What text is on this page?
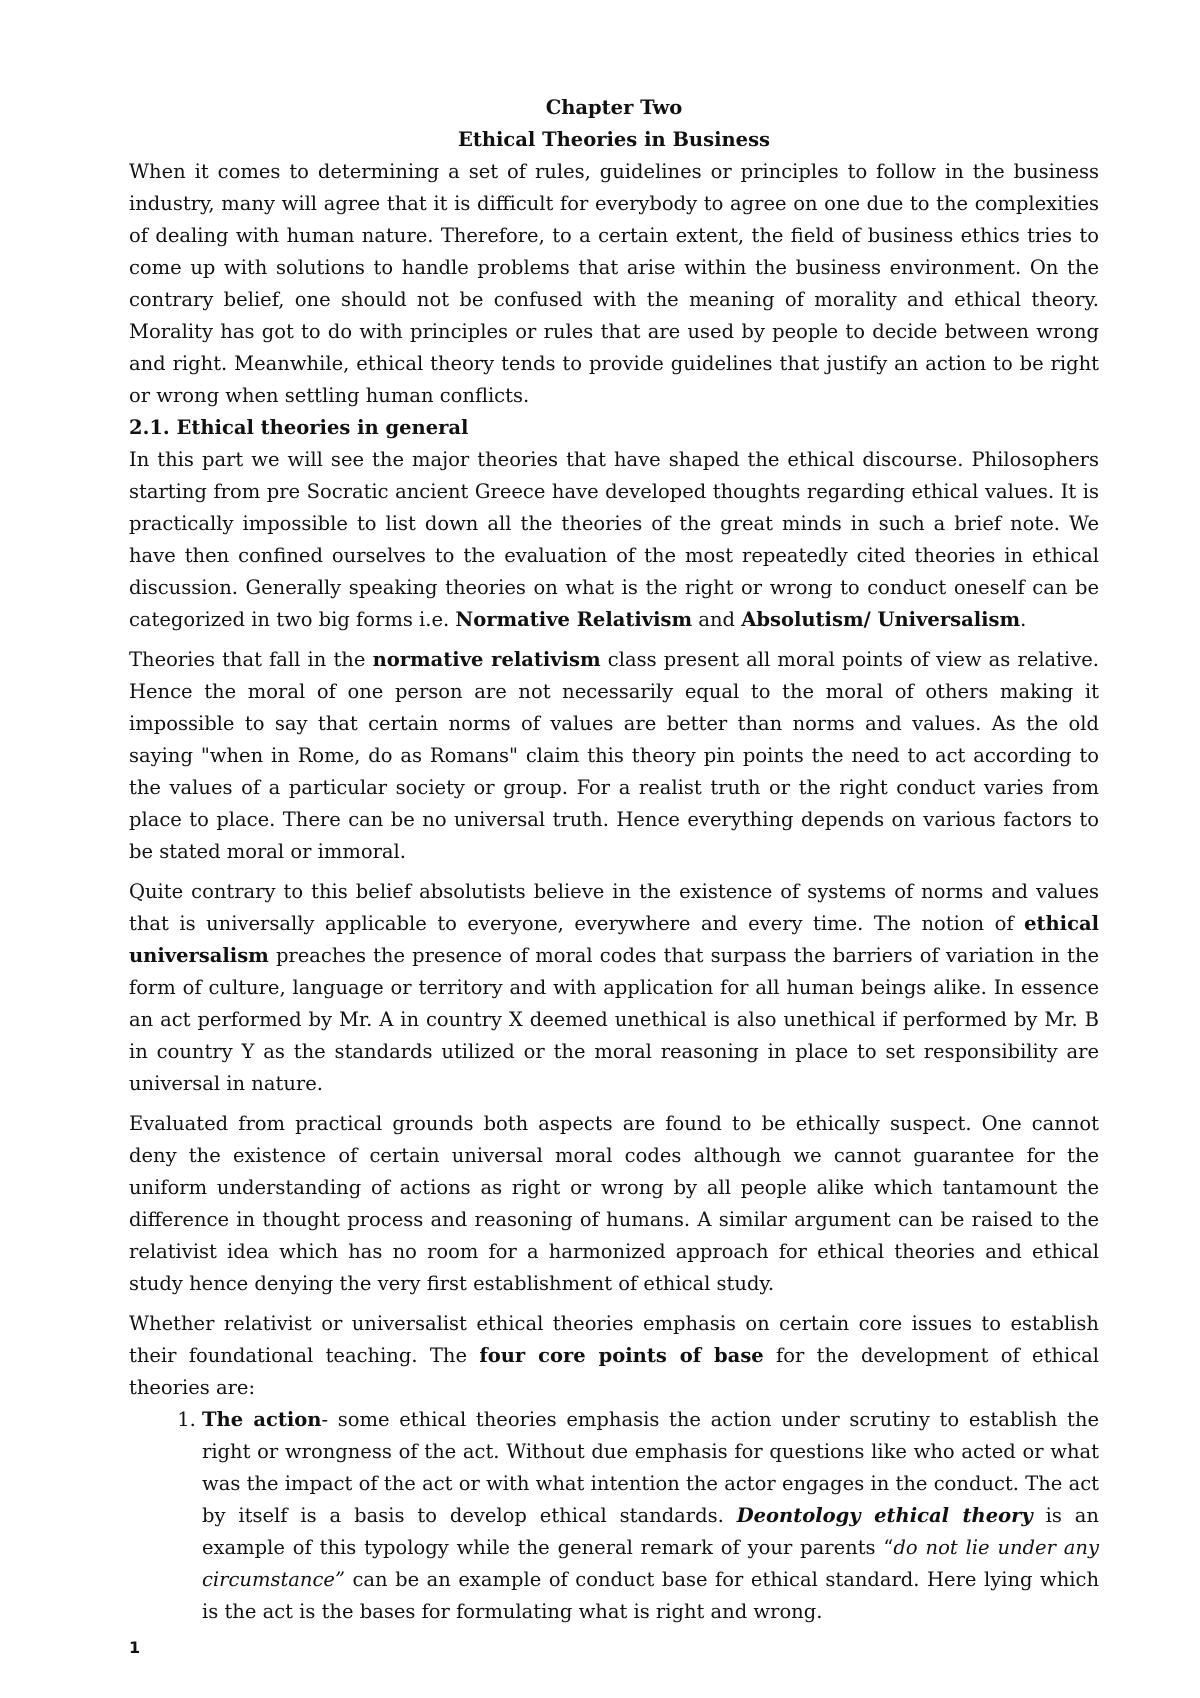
Chapter Two
Ethical Theories in Business

When it comes to determining a set of rules, guidelines or principles to follow in the business industry, many will agree that it is difficult for everybody to agree on one due to the complexities of dealing with human nature. Therefore, to a certain extent, the field of business ethics tries to come up with solutions to handle problems that arise within the business environment. On the contrary belief, one should not be confused with the meaning of morality and ethical theory. Morality has got to do with principles or rules that are used by people to decide between wrong and right. Meanwhile, ethical theory tends to provide guidelines that justify an action to be right or wrong when settling human conflicts.

2.1. Ethical theories in general

In this part we will see the major theories that have shaped the ethical discourse. Philosophers starting from pre Socratic ancient Greece have developed thoughts regarding ethical values. It is practically impossible to list down all the theories of the great minds in such a brief note. We have then confined ourselves to the evaluation of the most repeatedly cited theories in ethical discussion. Generally speaking theories on what is the right or wrong to conduct oneself can be categorized in two big forms i.e. Normative Relativism and Absolutism/ Universalism.

Theories that fall in the normative relativism class present all moral points of view as relative. Hence the moral of one person are not necessarily equal to the moral of others making it impossible to say that certain norms of values are better than norms and values. As the old saying "when in Rome, do as Romans" claim this theory pin points the need to act according to the values of a particular society or group. For a realist truth or the right conduct varies from place to place. There can be no universal truth. Hence everything depends on various factors to be stated moral or immoral.

Quite contrary to this belief absolutists believe in the existence of systems of norms and values that is universally applicable to everyone, everywhere and every time. The notion of ethical universalism preaches the presence of moral codes that surpass the barriers of variation in the form of culture, language or territory and with application for all human beings alike. In essence an act performed by Mr. A in country X deemed unethical is also unethical if performed by Mr. B in country Y as the standards utilized or the moral reasoning in place to set responsibility are universal in nature.

Evaluated from practical grounds both aspects are found to be ethically suspect. One cannot deny the existence of certain universal moral codes although we cannot guarantee for the uniform understanding of actions as right or wrong by all people alike which tantamount the difference in thought process and reasoning of humans. A similar argument can be raised to the relativist idea which has no room for a harmonized approach for ethical theories and ethical study hence denying the very first establishment of ethical study.

Whether relativist or universalist ethical theories emphasis on certain core issues to establish their foundational teaching. The four core points of base for the development of ethical theories are:

1. The action- some ethical theories emphasis the action under scrutiny to establish the right or wrongness of the act. Without due emphasis for questions like who acted or what was the impact of the act or with what intention the actor engages in the conduct. The act by itself is a basis to develop ethical standards. Deontology ethical theory is an example of this typology while the general remark of your parents “do not lie under any circumstance” can be an example of conduct base for ethical standard. Here lying which is the act is the bases for formulating what is right and wrong.
1
